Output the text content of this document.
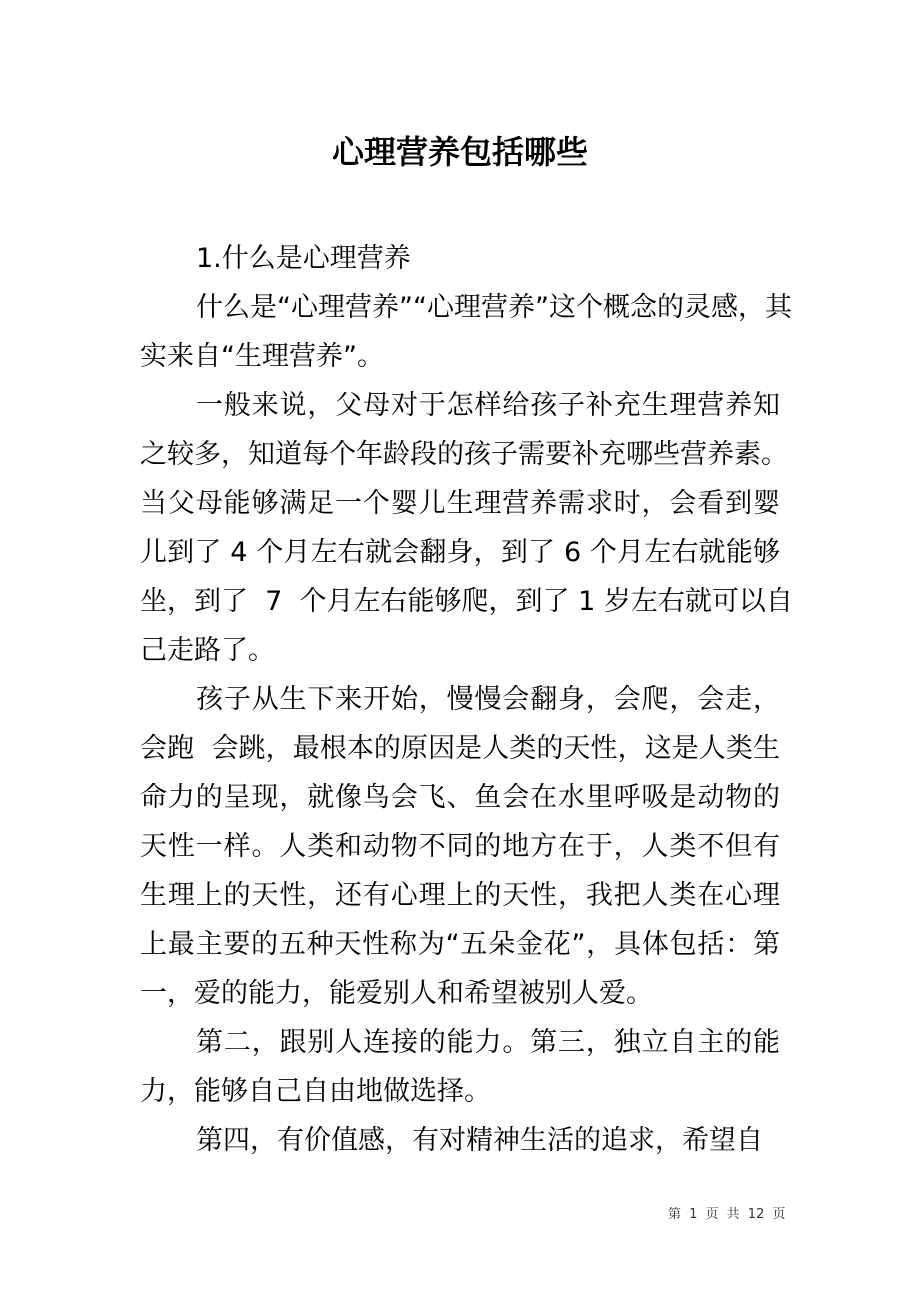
心理营养包括哪些
1.什么是心理营养
什么是“心理营养”“心理营养”这个概念的灵感，其
实来自“生理营养”。
一般来说，父母对于怎样给孩子补充生理营养知
之较多，知道每个年龄段的孩子需要补充哪些营养素。
当父母能够满足一个婴儿生理营养需求时，会看到婴
儿到了 4 个月左右就会翻身，到了 6 个月左右就能够
坐，到了  7  个月左右能够爬，到了 1 岁左右就可以自
己走路了。
孩子从生下来开始，慢慢会翻身，会爬，会走，
会跑  会跳，最根本的原因是人类的天性，这是人类生
命力的呈现，就像鸟会飞、鱼会在水里呼吸是动物的
天性一样。人类和动物不同的地方在于，人类不但有
生理上的天性，还有心理上的天性，我把人类在心理
上最主要的五种天性称为“五朵金花”，具体包括：第
一，爱的能力，能爱别人和希望被别人爱。
第二，跟别人连接的能力。第三，独立自主的能
力，能够自己自由地做选择。
第四，有价值感，有对精神生活的追求，希望自
第 1 页 共 12 页
